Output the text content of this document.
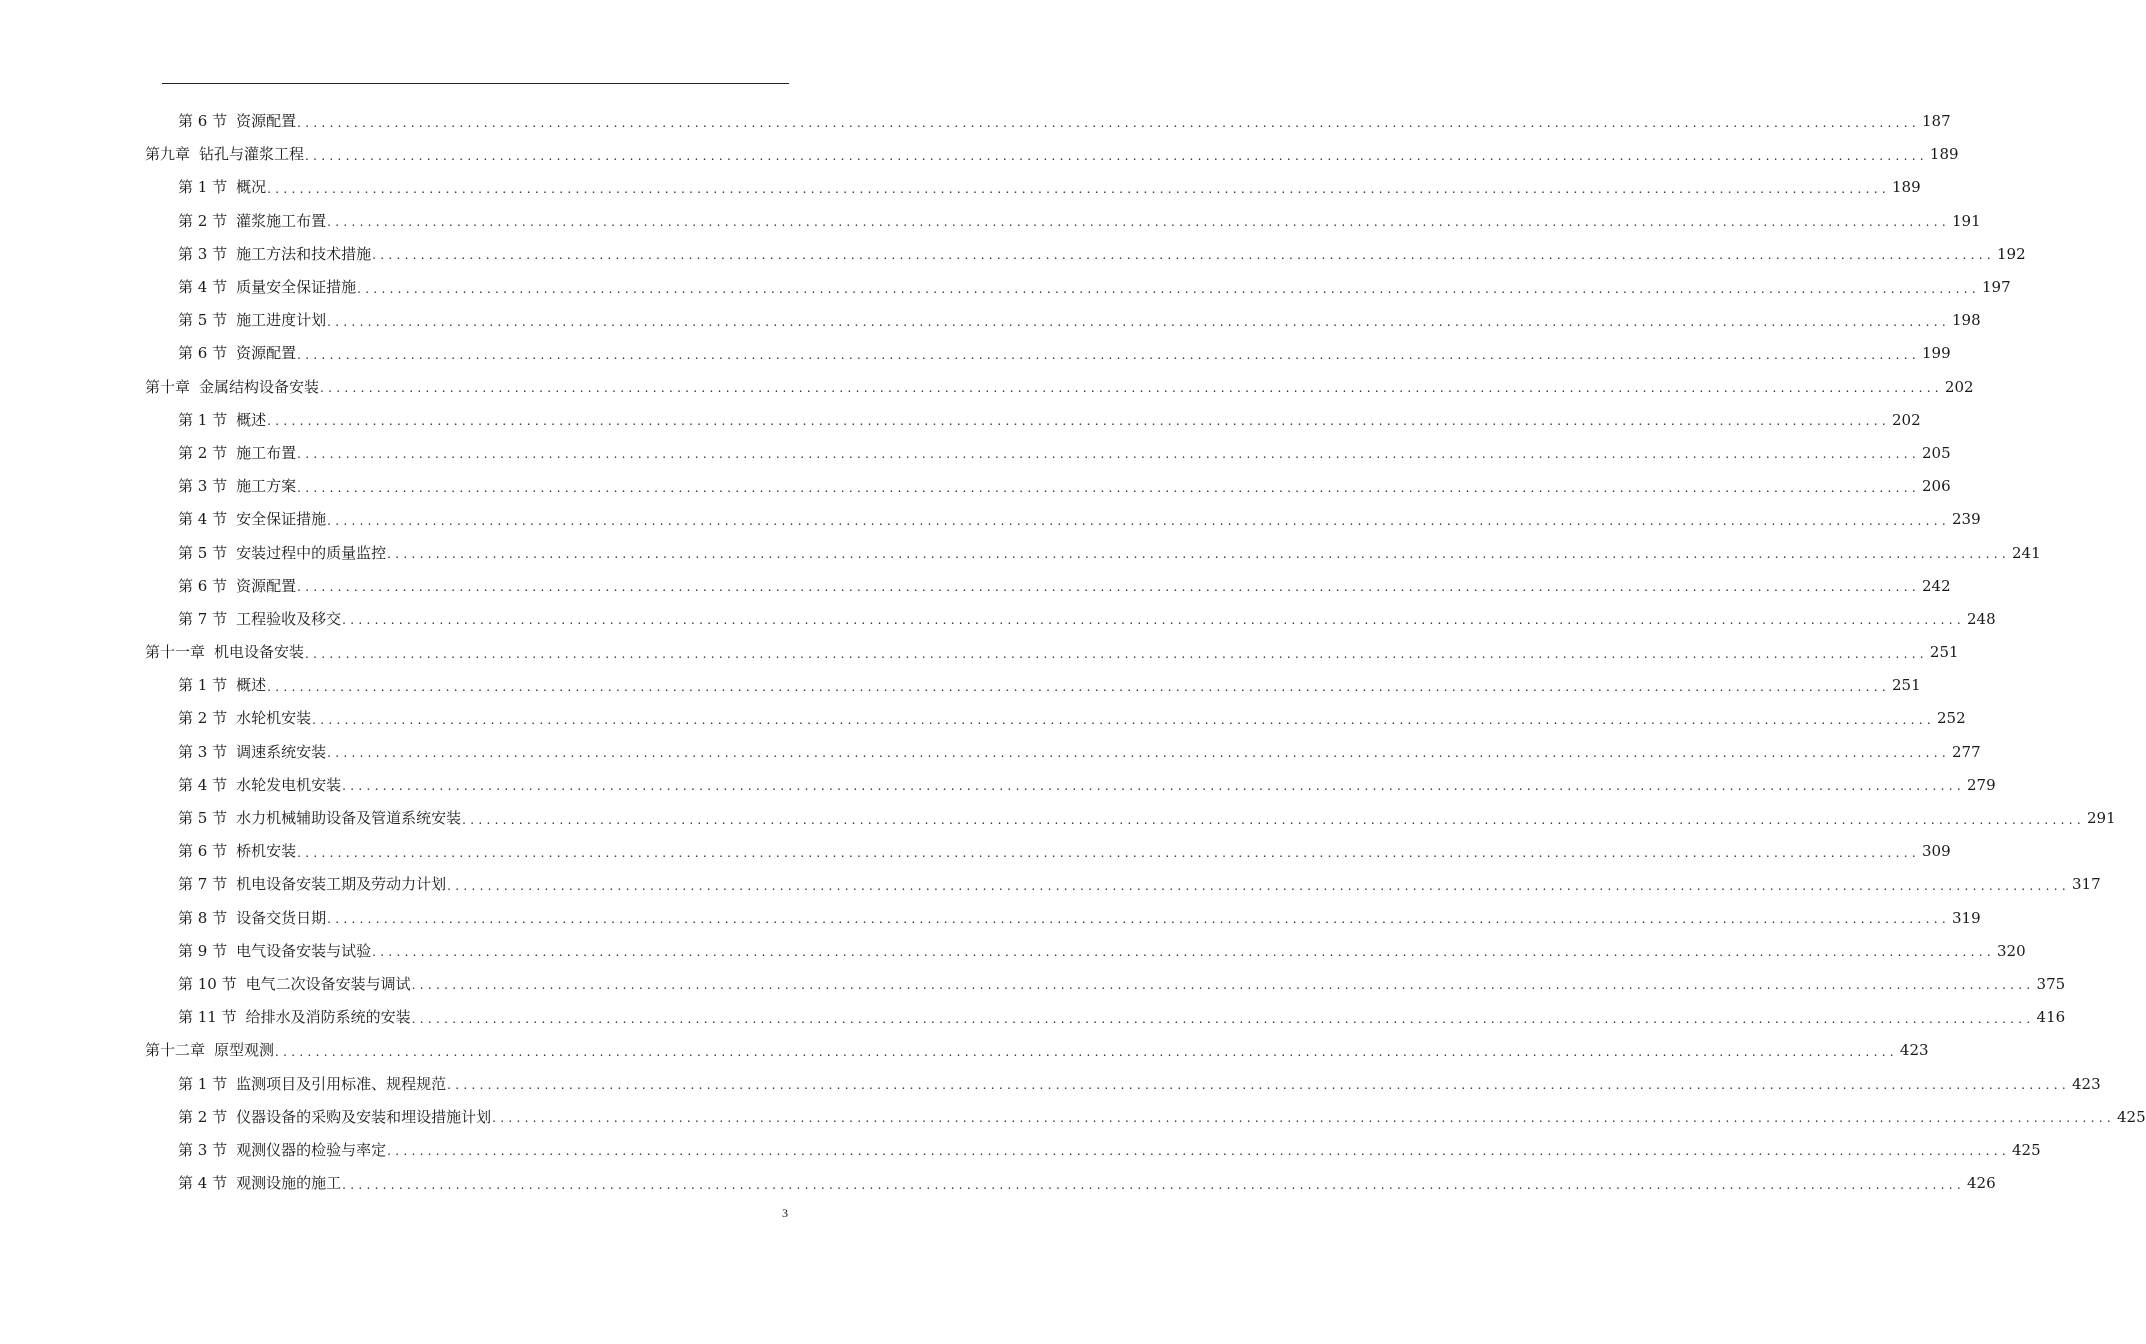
第 6 节 资源配置 ........................................................................................................................................................................................................ 187
第九章 钻孔与灌浆工程 ........................................................................................................................................................................................................ 189
第 1 节 概况 ........................................................................................................................................................................................................ 189
第 2 节 灌浆施工布置 ........................................................................................................................................................................................................ 191
第 3 节 施工方法和技术措施 ........................................................................................................................................................................................................ 192
第 4 节 质量安全保证措施 ........................................................................................................................................................................................................ 197
第 5 节 施工进度计划 ........................................................................................................................................................................................................ 198
第 6 节 资源配置 ........................................................................................................................................................................................................ 199
第十章 金属结构设备安装 ........................................................................................................................................................................................................ 202
第 1 节 概述 ........................................................................................................................................................................................................ 202
第 2 节 施工布置 ........................................................................................................................................................................................................ 205
第 3 节 施工方案 ........................................................................................................................................................................................................ 206
第 4 节 安全保证措施 ........................................................................................................................................................................................................ 239
第 5 节 安装过程中的质量监控 ........................................................................................................................................................................................................ 241
第 6 节 资源配置 ........................................................................................................................................................................................................ 242
第 7 节 工程验收及移交 ........................................................................................................................................................................................................ 248
第十一章 机电设备安装 ........................................................................................................................................................................................................ 251
第 1 节 概述 ........................................................................................................................................................................................................ 251
第 2 节 水轮机安装 ........................................................................................................................................................................................................ 252
第 3 节 调速系统安装 ........................................................................................................................................................................................................ 277
第 4 节 水轮发电机安装 ........................................................................................................................................................................................................ 279
第 5 节 水力机械辅助设备及管道系统安装 ........................................................................................................................................................................................................ 291
第 6 节 桥机安装 ........................................................................................................................................................................................................ 309
第 7 节 机电设备安装工期及劳动力计划 ........................................................................................................................................................................................................ 317
第 8 节 设备交货日期 ........................................................................................................................................................................................................ 319
第 9 节 电气设备安装与试验 ........................................................................................................................................................................................................ 320
第 10 节 电气二次设备安装与调试 ........................................................................................................................................................................................................ 375
第 11 节 给排水及消防系统的安装 ........................................................................................................................................................................................................ 416
第十二章 原型观测 ........................................................................................................................................................................................................ 423
第 1 节 监测项目及引用标准、规程规范 ........................................................................................................................................................................................................ 423
第 2 节 仪器设备的采购及安装和埋设措施计划 ........................................................................................................................................................................................................ 425
第 3 节 观测仪器的检验与率定 ........................................................................................................................................................................................................ 425
第 4 节 观测设施的施工 ........................................................................................................................................................................................................ 426
3
